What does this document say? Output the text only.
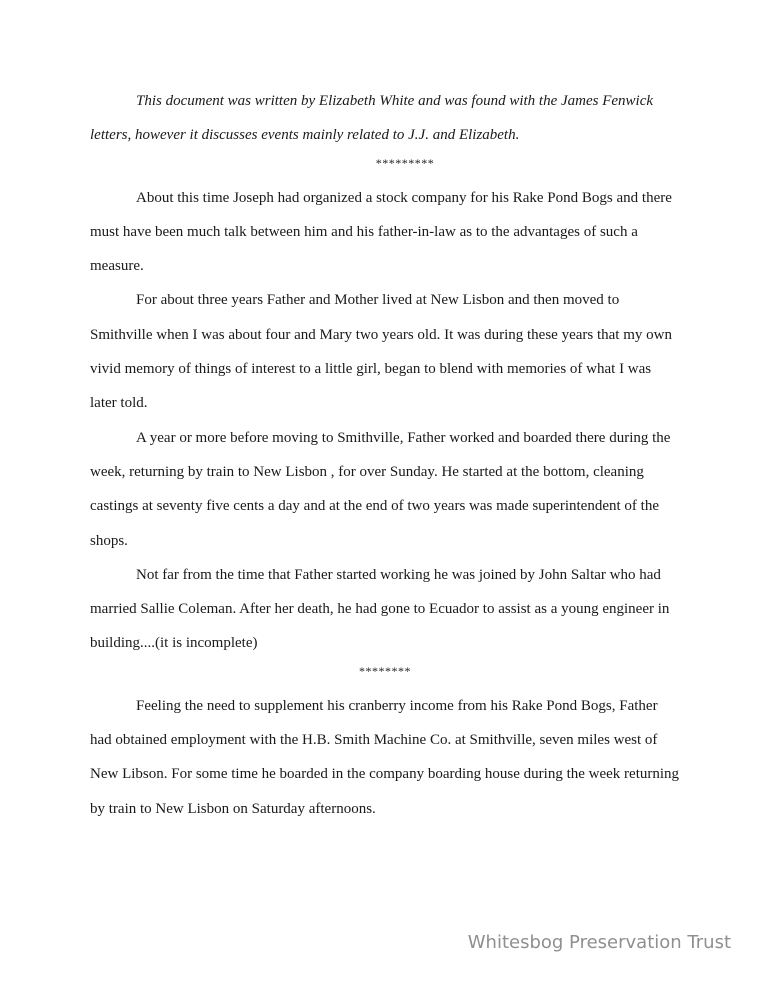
This document was written by Elizabeth White and was found with the James Fenwick letters, however it discusses events mainly related to J.J. and Elizabeth.

*********

About this time Joseph had organized a stock company for his Rake Pond Bogs and there must have been much talk between him and his father-in-law as to the advantages of such a measure.

For about three years Father and Mother lived at New Lisbon and then moved to Smithville when I was about four and Mary two years old. It was during these years that my own vivid memory of things of interest to a little girl, began to blend with memories of what I was later told.

A year or more before moving to Smithville, Father worked and boarded there during the week, returning by train to New Lisbon , for over Sunday. He started at the bottom, cleaning castings at seventy five cents a day and at the end of two years was made superintendent of the shops.

Not far from the time that Father started working he was joined by John Saltar who had married Sallie Coleman. After her death, he had gone to Ecuador to assist as a young engineer in building....(it is incomplete)

********

Feeling the need to supplement his cranberry income from his Rake Pond Bogs, Father had obtained employment with the H.B. Smith Machine Co. at Smithville, seven miles west of New Libson. For some time he boarded in the company boarding house during the week returning by train to New Lisbon on Saturday afternoons.

Whitesbog Preservation Trust
